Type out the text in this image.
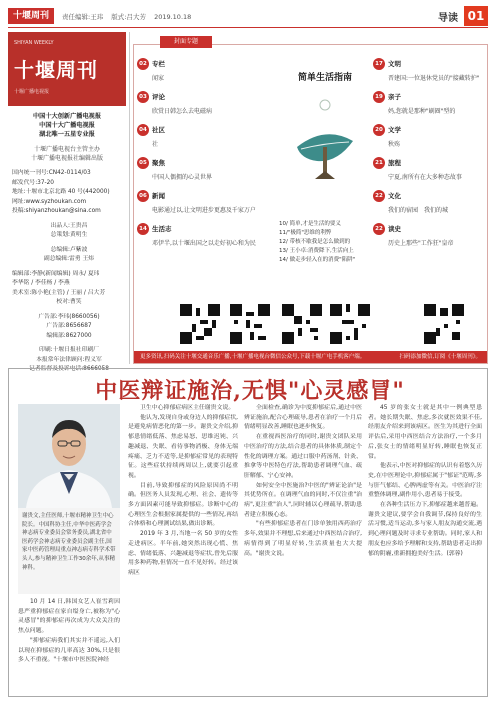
十堰周刊	责任编辑:王玮 版式:吕大芳 2019.10.18	导读 01
SHIYAN WEEKLY
十堰周刊
十堰广播电视报
中国十大创新广播电视报
中国十大广播电视报
湖北唯一五星专业报
十堰广播电视台主管主办
十堰广播电视报社编辑出版
国内统一刊号:CN42-0114/03
邮发代号:37-20
地址:十堰市北京北路 40 号(442000)
网址:www.syzhoukan.com
投稿:shiyanzhoukan@sina.com
出品人:王贵昌
总策划:黄明生
总编辑:卢紫波
副总编辑:雷勇 王炜
编辑部:李静(新闻编辑) 周永/ 夏玮
李华铭 / 李佳杨 / 李燕
美术室:陈小艳(主管) / 王丽 / 吕大芳
校对:曹笑
广告部:李玮(8660056)
广告部:8656687
编辑部:8627000
印刷:十堰日报社印刷厂
本报常年法律顾问:程义军
记者监督及投诉电话:8666058
封面专题
02 专栏
闻家
03 评论
欣赏日韩怎么去电磁病
04 社区
社
05 聚焦
中国人偶拥的心灵世界
06 新闻
电影通过以,让文明进步更惠及千家万户
14 生活志
邓伊半,以十堰出国之以走好初心和为民
简单生活指南
10/ 简单,才是生活的要义
11/"极简"思维的利弊
12/ 带核不歇我是怎么做到的
13/ 王小卓:消费降下,生活向上
14/ 做走步轻入在的消费"陷阱"
17 文明
晋建国:一位退休党员的"接藏转护"
19 亲子
妈,您就是那种"刷圈"型的
20 文学
秋殇
21 旅程
宁夏,南所有在大多种态故事
22 文化
我们的宿园　我们的城
22 读史
历史上那些"工作狂"皇帝
更多资讯,扫码关注十堰交通音乐广播,十堰广播电视台微信公众号,下载十堰广电手机客户端。	扫码添加微信,订阅《十堰周刊》。
中医辩证施治,无惧"心灵感冒"
谢贵文,主任医师,十堰市精神卫生中心院长。中国科协主任,中华中医药学会神志病专业委员会常务委员,湖北省中医药学会神志病专业委员会副主任,国家中医药管理局重点神志病专科学术带头人,参与精神卫生工作30余年,从事精神科。

10 月 14 日,韩国女艺人崔雪莉因患严重抑郁症在家自缢身亡,被称为"心灵感冒"的抑郁症再次成为大众关注的焦点问题。

"抑郁症病我们其实并不遥远,入们以现在抑郁症的几率高达 30%,只是很多人不重视。"十堰市中医医院神经

卫生中心抑郁症病区主任谢贵文说。

他认为,发现自身或身边人的抑郁症状,是避免病情恶化的第一步。谢贵文介绍,抑郁患情绪低落、焦虑易怒、思维迟钝、兴趣减退、失眠、看待事物消极、身体无端疼痛、乏力不适等,是抑郁症常见的表现特征。这些症状持续两周以上,就要引起重视。

目前,导致抑郁症的风险原因尚不明确。但医务人员发现,心理、社会、遗传等多方面因素可能导致抑郁症。诊断中心的心理医生会根据家属提供的一些情况,再结合体格和心理测试结果,做出诊断。

2019 年 3 月,当地一名 50 岁的女性走进病区。半年前,她突然出现心慌、焦虑、情绪低落、兴趣减退等症状,曾先后服用多种药物,但情况一直不见好转。经过该病区

全面检查,确诊为中度抑郁症后,通过中医辨证施治,配合心理疏导,患者在治疗一个月后情绪明显改善,睡眠也逐步恢复。

在重视西医治疗的同时,谢贵文团队采用中医治疗的方法,结合患者的具体体质,制定个性化的调理方案。通过口服中药汤剂、针灸、推拿等中医特色疗法,帮助患者调理气血、疏肝解郁、宁心安神。

如何安全中医施治?中医的"辨证论治"是其优势所在。在调理气血的同时,不仅注重"治病",更注重"治人",同时辅以心理疏导,帮助患者建立积极心态。

"有些抑郁症患者在门诊单独用西药治疗多年,效果并不理想,后来通过中西医结合治疗,病情得到了明显好转,生活质量也大大提高。"谢贵文说。

45 岁的张女士就是其中一例典型患者。她长期失眠、焦虑,多次就医效果不佳,经朋友介绍来到该病区。医生为其进行全面评估后,采用中西医结合方法治疗,一个多月后,张女士的情绪明显好转,睡眠也恢复正常。

他表示,中医对抑郁症的认识有着悠久历史,在中医理论中,抑郁症属于"郁证"范畴,多与肝气郁结、心脾两虚等有关。中医治疗注重整体调理,副作用小,患者易于接受。

在各种生活压力下,抑郁症越来越普遍。谢贵文建议,要学会自我调节,保持良好的生活习惯,适当运动,多与家人朋友沟通交流,遇到心理问题及时寻求专业帮助。同时,家人和朋友也应多给予理解和支持,帮助患者走出抑郁的阴霾,重新拥抱美好生活。(郭蓉)
